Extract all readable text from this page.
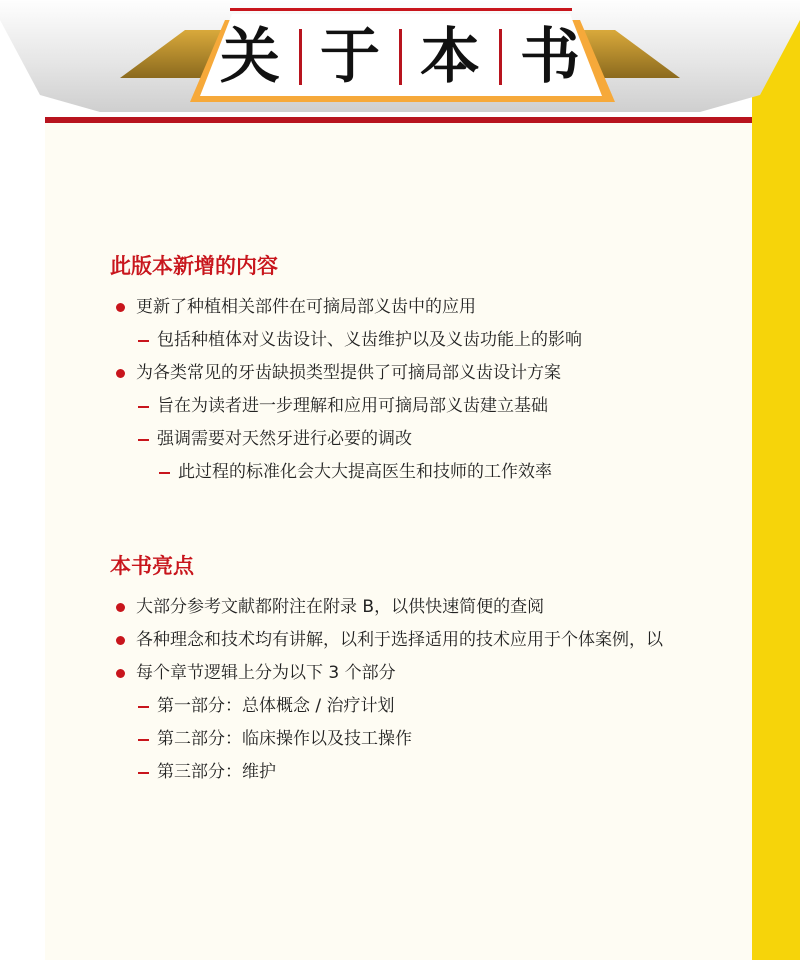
关 于 本 书
此版本新增的内容
更新了种植相关部件在可摘局部义齿中的应用
包括种植体对义齿设计、义齿维护以及义齿功能上的影响
为各类常见的牙齿缺损类型提供了可摘局部义齿设计方案
旨在为读者进一步理解和应用可摘局部义齿建立基础
强调需要对天然牙进行必要的调改
此过程的标准化会大大提高医生和技师的工作效率
本书亮点
大部分参考文献都附注在附录 B，以供快速简便的查阅
各种理念和技术均有讲解，以利于选择适用的技术应用于个体案例，以
每个章节逻辑上分为以下 3 个部分
第一部分：总体概念 / 治疗计划
第二部分：临床操作以及技工操作
第三部分：维护
